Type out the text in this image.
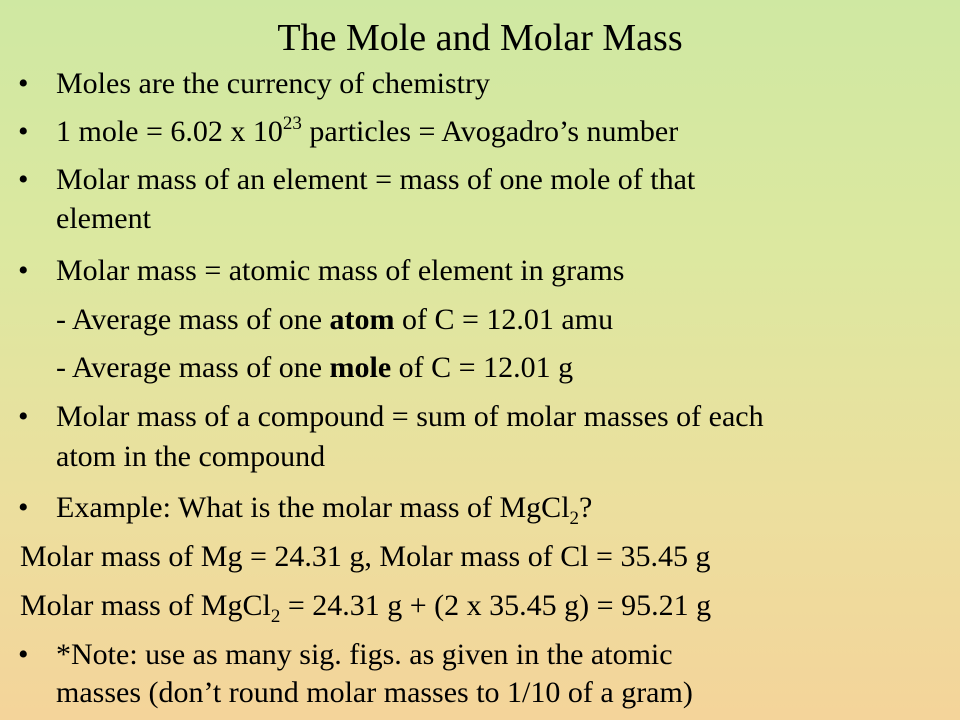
The Mole and Molar Mass
• Moles are the currency of chemistry
• 1 mole = 6.02 x $10^{23}$ particles = Avogadro’s number
• Molar mass of an element = mass of one mole of that
element
• Molar mass = atomic mass of element in grams
- Average mass of one atom of C = 12.01 amu
- Average mass of one mole of C = 12.01 g
• Molar mass of a compound = sum of molar masses of each
atom in the compound
• Example: What is the molar mass of MgCl$_2$?
Molar mass of Mg = 24.31 g, Molar mass of Cl = 35.45 g
Molar mass of MgCl$_2$ = 24.31 g + (2 x 35.45 g) = 95.21 g
• *Note: use as many sig. figs. as given in the atomic
masses (don’t round molar masses to 1/10 of a gram)
